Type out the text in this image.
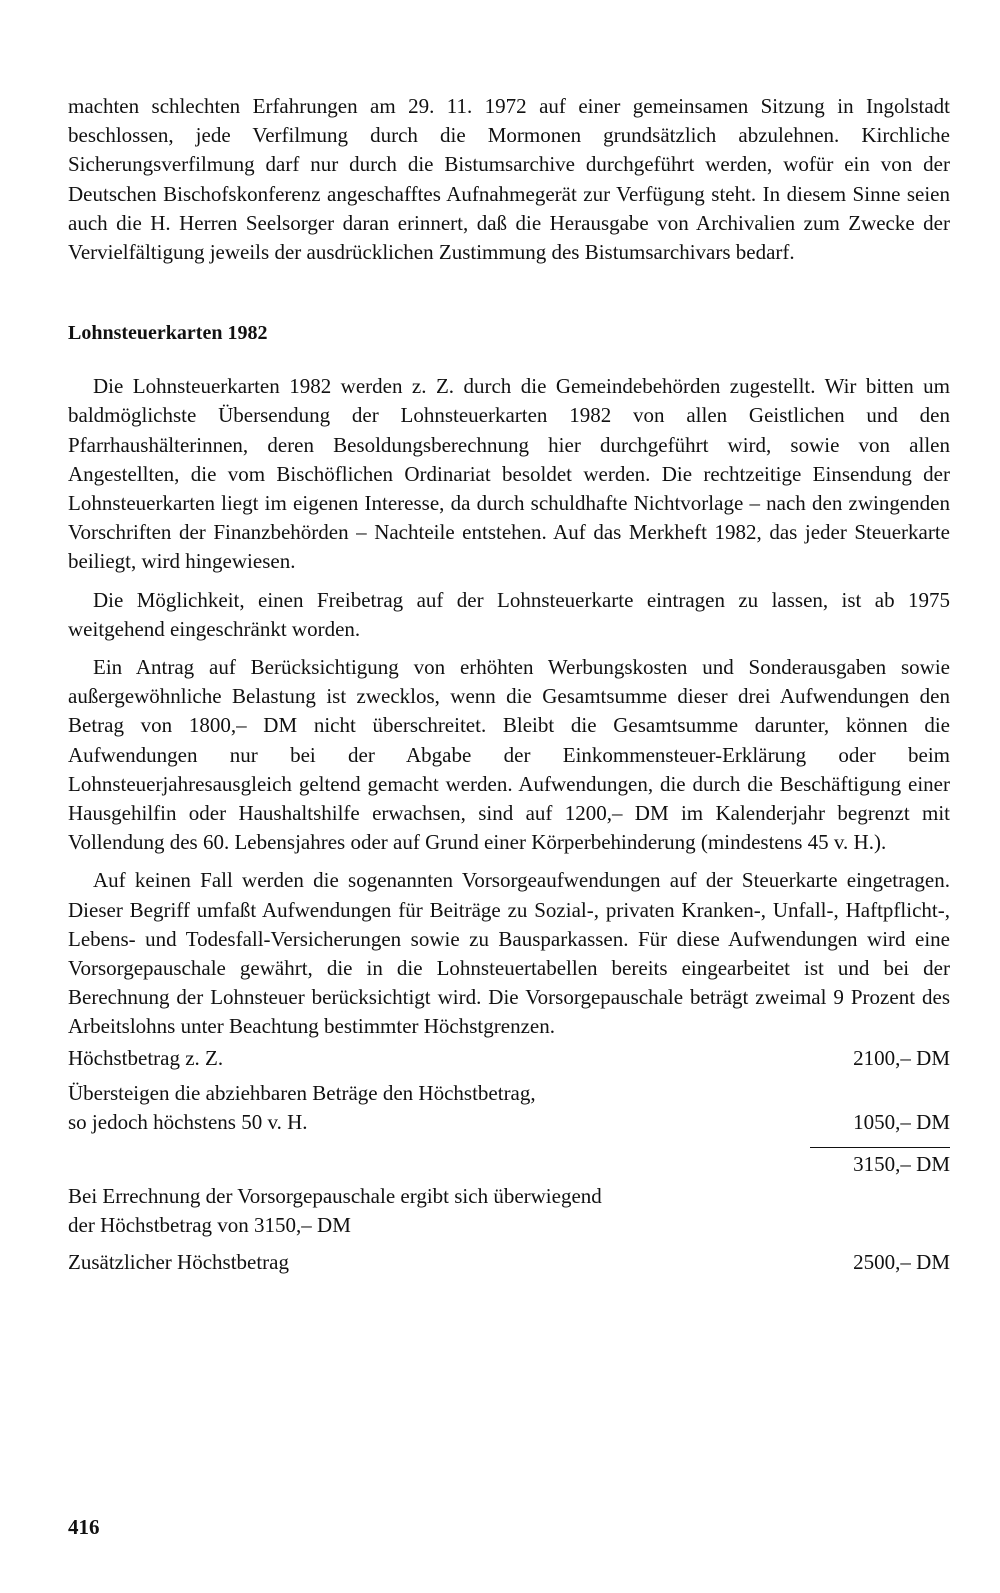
machten schlechten Erfahrungen am 29. 11. 1972 auf einer gemeinsamen Sitzung in Ingolstadt beschlossen, jede Verfilmung durch die Mormonen grundsätzlich abzulehnen. Kirchliche Sicherungsverfilmung darf nur durch die Bistumsarchive durchgeführt werden, wofür ein von der Deutschen Bischofskonferenz angeschafftes Aufnahmegerät zur Verfügung steht. In diesem Sinne seien auch die H. Herren Seelsorger daran erinnert, daß die Herausgabe von Archivalien zum Zwecke der Vervielfältigung jeweils der ausdrücklichen Zustimmung des Bistumsarchivars bedarf.

Lohnsteuerkarten 1982

Die Lohnsteuerkarten 1982 werden z. Z. durch die Gemeindebehörden zugestellt. Wir bitten um baldmöglichste Übersendung der Lohnsteuerkarten 1982 von allen Geistlichen und den Pfarrhaushälterinnen, deren Besoldungsberechnung hier durchgeführt wird, sowie von allen Angestellten, die vom Bischöflichen Ordinariat besoldet werden. Die rechtzeitige Einsendung der Lohnsteuerkarten liegt im eigenen Interesse, da durch schuldhafte Nichtvorlage – nach den zwingenden Vorschriften der Finanzbehörden – Nachteile entstehen. Auf das Merkheft 1982, das jeder Steuerkarte beiliegt, wird hingewiesen.

Die Möglichkeit, einen Freibetrag auf der Lohnsteuerkarte eintragen zu lassen, ist ab 1975 weitgehend eingeschränkt worden.

Ein Antrag auf Berücksichtigung von erhöhten Werbungskosten und Sonderausgaben sowie außergewöhnliche Belastung ist zwecklos, wenn die Gesamtsumme dieser drei Aufwendungen den Betrag von 1800,– DM nicht überschreitet. Bleibt die Gesamtsumme darunter, können die Aufwendungen nur bei der Abgabe der Einkommensteuer-Erklärung oder beim Lohnsteuerjahresausgleich geltend gemacht werden. Aufwendungen, die durch die Beschäftigung einer Hausgehilfin oder Haushaltshilfe erwachsen, sind auf 1200,– DM im Kalenderjahr begrenzt mit Vollendung des 60. Lebensjahres oder auf Grund einer Körperbehinderung (mindestens 45 v. H.).

Auf keinen Fall werden die sogenannten Vorsorgeaufwendungen auf der Steuerkarte eingetragen. Dieser Begriff umfaßt Aufwendungen für Beiträge zu Sozial-, privaten Kranken-, Unfall-, Haftpflicht-, Lebens- und Todesfall-Versicherungen sowie zu Bausparkassen. Für diese Aufwendungen wird eine Vorsorgepauschale gewährt, die in die Lohnsteuertabellen bereits eingearbeitet ist und bei der Berechnung der Lohnsteuer berücksichtigt wird. Die Vorsorgepauschale beträgt zweimal 9 Prozent des Arbeitslohns unter Beachtung bestimmter Höchstgrenzen.

Höchstbetrag z. Z.	2100,– DM
Übersteigen die abziehbaren Beträge den Höchstbetrag,
so jedoch höchstens 50 v. H.	1050,– DM
3150,– DM
Bei Errechnung der Vorsorgepauschale ergibt sich überwiegend
der Höchstbetrag von 3150,– DM
Zusätzlicher Höchstbetrag	2500,– DM
416
